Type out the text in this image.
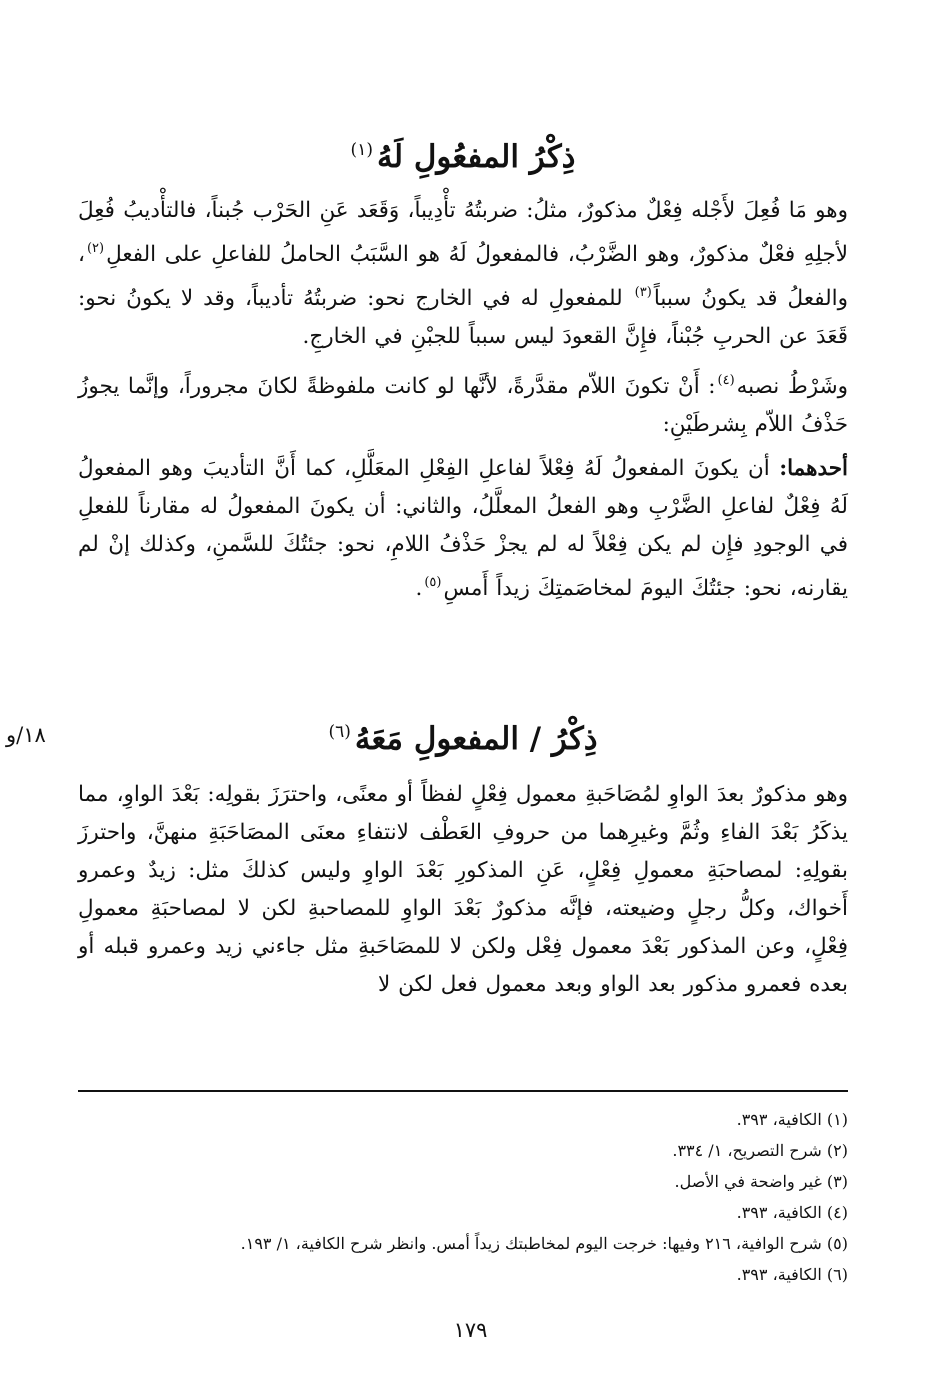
ذِكْرُ المفعُولِ لَهُ$^{(١)}$

وهو مَا فُعِلَ لأَجْله فِعْلٌ مذكورٌ، مثلُ: ضربتُهُ تأْدِيباً، وَقَعَد عَنِ الحَرْب جُبناً، فالتأْديبُ فُعِلَ لأجلِهِ فعْلٌ مذكورٌ، وهو الضَّرْبُ، فالمفعولُ لَهُ هو السَّبَبُ الحاملُ للفاعلِ على الفعلِ$^{(٢)}$، والفعلُ قد يكونُ سبباً$^{(٣)}$ للمفعولِ له في الخارج نحو: ضربتُهُ تأديباً، وقد لا يكونُ نحو: قَعَدَ عن الحربِ جُبْناً، فإِنَّ القعودَ ليس سبباً للجبْنِ في الخارجِ.

وشَرْطُ نصبه$^{(٤)}$: أَنْ تكونَ اللاّم مقدَّرةً، لأنَّها لو كانت ملفوظةً لكانَ مجروراً، وإنَّما يجوزُ حَذْفُ اللاّم بِشرطَيْنِ:

أحدهما: أن يكونَ المفعولُ لَهُ فِعْلاً لفاعلِ الفِعْلِ المعَلَّلِ، كما أَنَّ التأديبَ وهو المفعولُ لَهُ فِعْلٌ لفاعلِ الضَّرْبِ وهو الفعلُ المعلَّلُ، والثاني: أن يكونَ المفعولُ له مقارناً للفعلِ في الوجودِ فإِن لم يكن فِعْلاً له لم يجزْ حَذْفُ اللامِ، نحو: جئتُكَ للسَّمنِ، وكذلك إنْ لم يقارنه، نحو: جئتُكَ اليومَ لمخاصَمتِكَ زيداً أَمسِ$^{(٥)}$.

١٨/و	ذِكْرُ / المفعولِ مَعَهُ$^{(٦)}$

وهو مذكورٌ بعدَ الواوِ لمُصَاحَبةِ معمول فِعْلٍ لفظاً أو معنًى، واحترَزَ بقولِه: بَعْدَ الواوِ، مما يذكَرُ بَعْدَ الفاءِ وثُمَّ وغيرِهما من حروفِ العَطْف لانتفاءِ معنَى المصَاحَبَةِ منهنَّ، واحترزَ بقولِهِ: لمصاحبَةِ معمولِ فِعْلٍ، عَنِ المذكورِ بَعْدَ الواوِ وليس كذلكَ مثل: زيدٌ وعمرو أَخواك، وكلُّ رجلٍ وضيعته، فإنَّه مذكورٌ بَعْدَ الواوِ للمصاحبةِ لكن لا لمصاحبَةِ معمولِ فِعْلٍ، وعن المذكور بَعْدَ معمول فِعْل ولكن لا للمصَاحَبةِ مثل جاءني زيد وعمرو قبله أو بعده فعمرو مذكور بعد الواو وبعد معمول فعل لكن لا

(١) الكافية، ٣٩٣.

(٢) شرح التصريح، ١/ ٣٣٤.

(٣) غير واضحة في الأصل.

(٤) الكافية، ٣٩٣.

(٥) شرح الوافية، ٢١٦ وفيها: خرجت اليوم لمخاطبتك زيداً أمس. وانظر شرح الكافية، ١/ ١٩٣.

(٦) الكافية، ٣٩٣.

١٧٩
